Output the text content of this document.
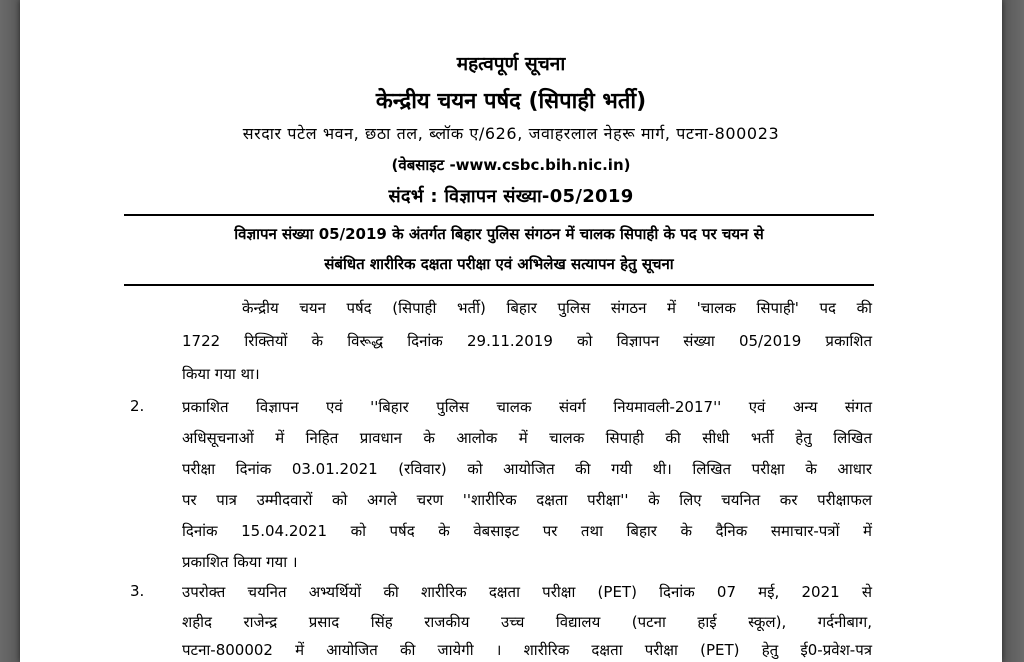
महत्वपूर्ण सूचना
केन्द्रीय चयन पर्षद (सिपाही भर्ती)
सरदार पटेल भवन, छठा तल, ब्लॉक ए/626, जवाहरलाल नेहरू मार्ग, पटना-800023
(वेबसाइट -www.csbc.bih.nic.in)
संदर्भ : विज्ञापन संख्या-05/2019
विज्ञापन संख्या 05/2019 के अंतर्गत बिहार पुलिस संगठन में चालक सिपाही के पद पर चयन से
संबंधित शारीरिक दक्षता परीक्षा एवं अभिलेख सत्यापन हेतु सूचना
केन्द्रीय चयन पर्षद (सिपाही भर्ती) बिहार पुलिस संगठन में 'चालक सिपाही' पद की
1722 रिक्तियों के विरूद्ध दिनांक 29.11.2019 को विज्ञापन संख्या 05/2019 प्रकाशित
किया गया था।
2.	प्रकाशित विज्ञापन एवं ''बिहार पुलिस चालक संवर्ग नियमावली-2017'' एवं अन्य संगत
अधिसूचनाओं में निहित प्रावधान के आलोक में चालक सिपाही की सीधी भर्ती हेतु लिखित
परीक्षा दिनांक 03.01.2021 (रविवार) को आयोजित की गयी थी। लिखित परीक्षा के आधार
पर पात्र उम्मीदवारों को अगले चरण ''शारीरिक दक्षता परीक्षा'' के लिए चयनित कर परीक्षाफल
दिनांक 15.04.2021 को पर्षद के वेबसाइट पर तथा बिहार के दैनिक समाचार-पत्रों में
प्रकाशित किया गया ।
3.	उपरोक्त चयनित अभ्यर्थियों की शारीरिक दक्षता परीक्षा (PET) दिनांक 07 मई, 2021 से
शहीद राजेन्द्र प्रसाद सिंह राजकीय उच्च विद्यालय (पटना हाई स्कूल), गर्दनीबाग,
पटना-800002 में आयोजित की जायेगी । शारीरिक दक्षता परीक्षा (PET) हेतु ई0-प्रवेश-पत्र
